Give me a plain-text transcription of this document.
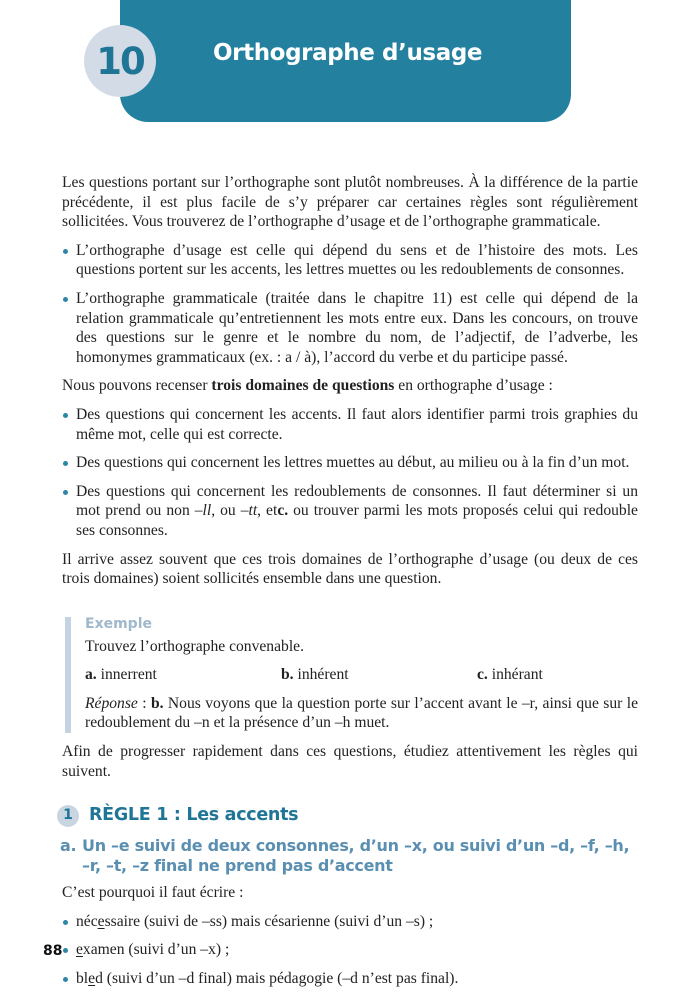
10	Orthographe d’usage

Les questions portant sur l’orthographe sont plutôt nombreuses. À la différence de la partie précédente, il est plus facile de s’y préparer car certaines règles sont régulièrement sollicitées. Vous trouverez de l’orthographe d’usage et de l’orthographe grammaticale.

L’orthographe d’usage est celle qui dépend du sens et de l’histoire des mots. Les questions portent sur les accents, les lettres muettes ou les redoublements de consonnes.
L’orthographe grammaticale (traitée dans le chapitre 11) est celle qui dépend de la relation grammaticale qu’entretiennent les mots entre eux. Dans les concours, on trouve des questions sur le genre et le nombre du nom, de l’adjectif, de l’adverbe, les homonymes grammaticaux (ex. : a / à), l’accord du verbe et du participe passé.

Nous pouvons recenser trois domaines de questions en orthographe d’usage :

Des questions qui concernent les accents. Il faut alors identifier parmi trois graphies du même mot, celle qui est correcte.
Des questions qui concernent les lettres muettes au début, au milieu ou à la fin d’un mot.
Des questions qui concernent les redoublements de consonnes. Il faut déterminer si un mot prend ou non –ll, ou –tt, etc. ou trouver parmi les mots proposés celui qui redouble ses consonnes.

Il arrive assez souvent que ces trois domaines de l’orthographe d’usage (ou deux de ces trois domaines) soient sollicités ensemble dans une question.

Exemple

Trouvez l’orthographe convenable.

a. innerrent	b. inhérent	c. inhérant

Réponse : b. Nous voyons que la question porte sur l’accent avant le –r, ainsi que sur le redoublement du –n et la présence d’un –h muet.

Afin de progresser rapidement dans ces questions, étudiez attentivement les règles qui suivent.

1 RÈGLE 1 : Les accents
a. Un –e suivi de deux consonnes, d’un –x, ou suivi d’un –d, –f, –h, –r, –t, –z final ne prend pas d’accent

C’est pourquoi il faut écrire :

nécessaire (suivi de –ss) mais césarienne (suivi d’un –s) ;
examen (suivi d’un –x) ;
bled (suivi d’un –d final) mais pédagogie (–d n’est pas final).
88
